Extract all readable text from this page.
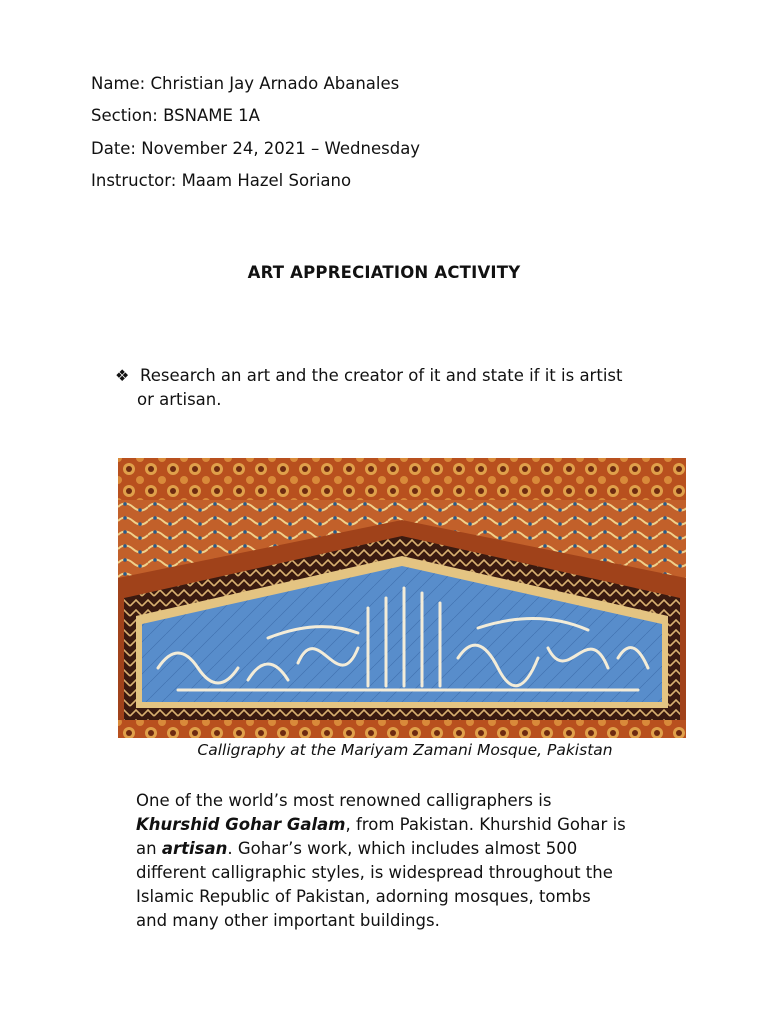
Name: Christian Jay Arnado Abanales
Section: BSNAME 1A
Date: November 24, 2021 – Wednesday
Instructor: Maam Hazel Soriano
ART APPRECIATION ACTIVITY
❖ Research an art and the creator of it and state if it is artist
or artisan.
Calligraphy at the Mariyam Zamani Mosque, Pakistan
One of the world’s most renowned calligraphers is
Khurshid Gohar Galam, from Pakistan. Khurshid Gohar is
an artisan. Gohar’s work, which includes almost 500
different calligraphic styles, is widespread throughout the
Islamic Republic of Pakistan, adorning mosques, tombs
and many other important buildings.
